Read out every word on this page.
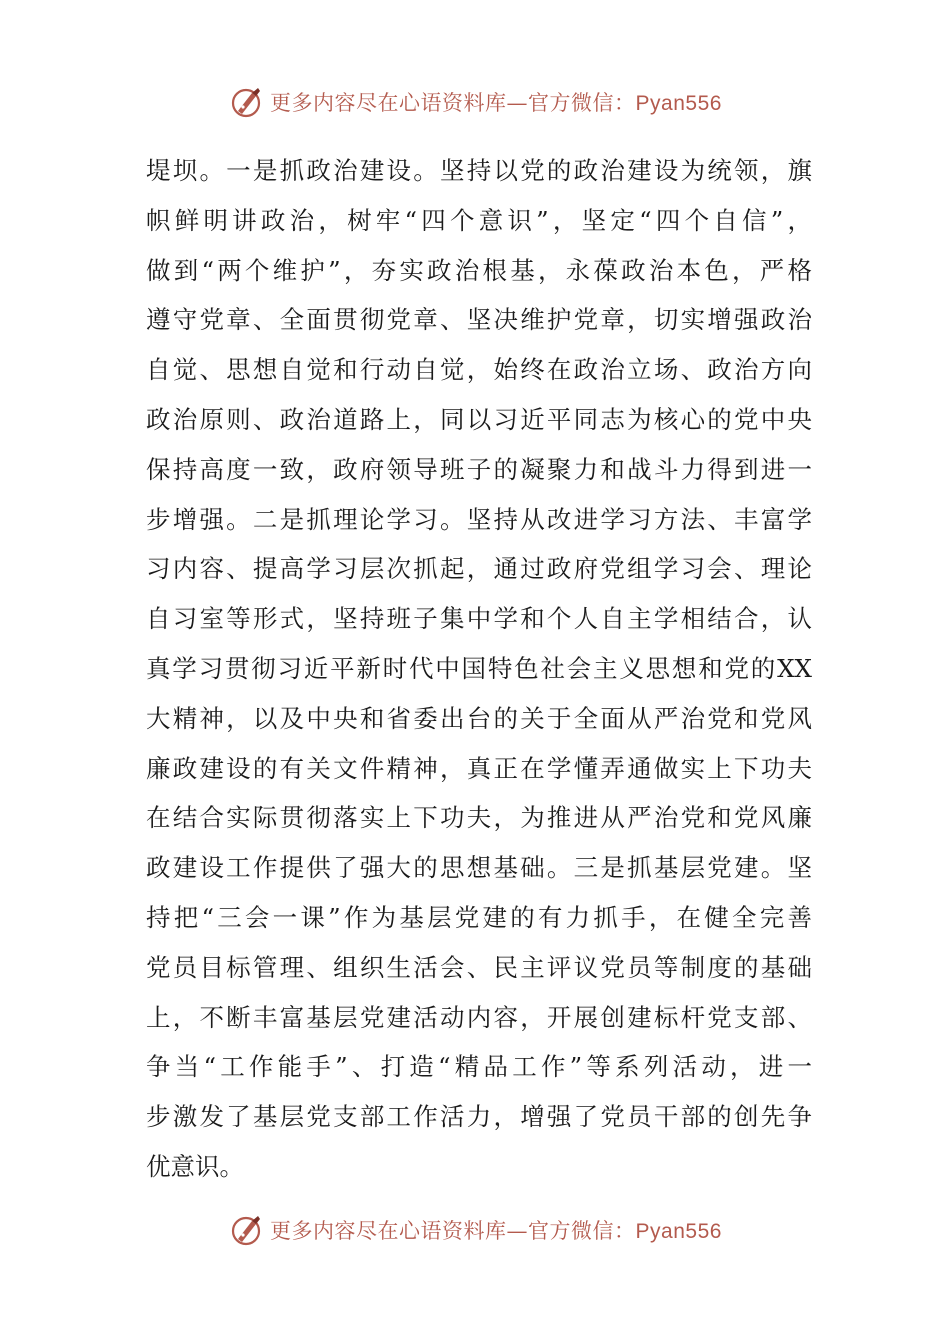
更多内容尽在心语资料库—官方微信：Pyan556
堤坝。一是抓政治建设。坚持以党的政治建设为统领，旗
帜鲜明讲政治，树牢“四个意识”，坚定“四个自信”，
做到“两个维护”，夯实政治根基，永葆政治本色，严格
遵守党章、全面贯彻党章、坚决维护党章，切实增强政治
自觉、思想自觉和行动自觉，始终在政治立场、政治方向
政治原则、政治道路上，同以习近平同志为核心的党中央
保持高度一致，政府领导班子的凝聚力和战斗力得到进一
步增强。二是抓理论学习。坚持从改进学习方法、丰富学
习内容、提高学习层次抓起，通过政府党组学习会、理论
自习室等形式，坚持班子集中学和个人自主学相结合，认
真学习贯彻习近平新时代中国特色社会主义思想和党的XX
大精神，以及中央和省委出台的关于全面从严治党和党风
廉政建设的有关文件精神，真正在学懂弄通做实上下功夫
在结合实际贯彻落实上下功夫，为推进从严治党和党风廉
政建设工作提供了强大的思想基础。三是抓基层党建。坚
持把“三会一课”作为基层党建的有力抓手，在健全完善
党员目标管理、组织生活会、民主评议党员等制度的基础
上，不断丰富基层党建活动内容，开展创建标杆党支部、
争当“工作能手”、打造“精品工作”等系列活动，进一
步激发了基层党支部工作活力，增强了党员干部的创先争
优意识。
更多内容尽在心语资料库—官方微信：Pyan556
